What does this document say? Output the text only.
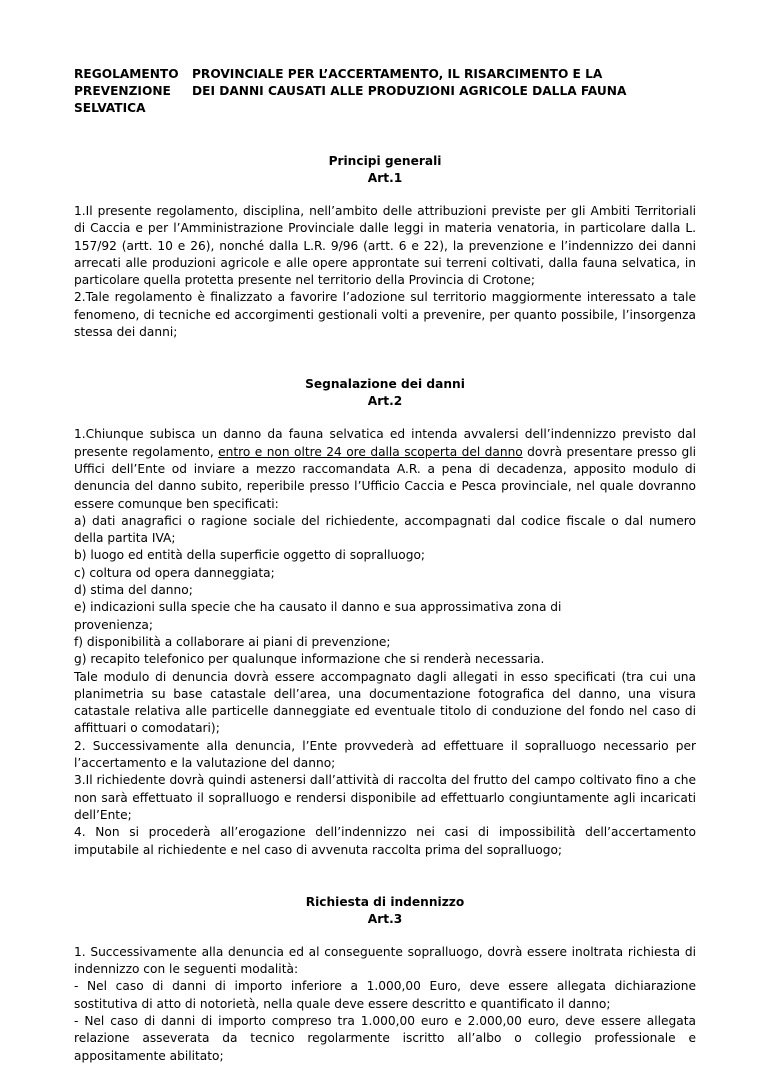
REGOLAMENTO	PROVINCIALE PER L’ACCERTAMENTO, IL RISARCIMENTO E LA
PREVENZIONE	DEI DANNI CAUSATI ALLE PRODUZIONI AGRICOLE DALLA FAUNA
SELVATICA
Principi generali
Art.1

1.Il presente regolamento, disciplina, nell’ambito delle attribuzioni previste per gli Ambiti Territoriali di Caccia e per l’Amministrazione Provinciale dalle leggi in materia venatoria, in particolare dalla L. 157/92 (artt. 10 e 26), nonché dalla L.R. 9/96 (artt. 6 e 22), la prevenzione e l’indennizzo dei danni arrecati alle produzioni agricole e alle opere approntate sui terreni coltivati, dalla fauna selvatica, in particolare quella protetta presente nel territorio della Provincia di Crotone;

2.Tale regolamento è finalizzato a favorire l’adozione sul territorio maggiormente interessato a tale fenomeno, di tecniche ed accorgimenti gestionali volti a prevenire, per quanto possibile, l’insorgenza stessa dei danni;

Segnalazione dei danni
Art.2

1.Chiunque subisca un danno da fauna selvatica ed intenda avvalersi dell’indennizzo previsto dal presente regolamento, entro e non oltre 24 ore dalla scoperta del danno dovrà presentare presso gli Uffici dell’Ente od inviare a mezzo raccomandata A.R. a pena di decadenza, apposito modulo di denuncia del danno subito, reperibile presso l’Ufficio Caccia e Pesca provinciale, nel quale dovranno essere comunque ben specificati:

a) dati anagrafici o ragione sociale del richiedente, accompagnati dal codice fiscale o dal numero della partita IVA;

b) luogo ed entità della superficie oggetto di sopralluogo;

c) coltura od opera danneggiata;

d) stima del danno;

e) indicazioni sulla specie che ha causato il danno e sua approssimativa zona di

provenienza;

f) disponibilità a collaborare ai piani di prevenzione;

g) recapito telefonico per qualunque informazione che si renderà necessaria.

Tale modulo di denuncia dovrà essere accompagnato dagli allegati in esso specificati (tra cui una planimetria su base catastale dell’area, una documentazione fotografica del danno, una visura catastale relativa alle particelle danneggiate ed eventuale titolo di conduzione del fondo nel caso di affittuari o comodatari);

2. Successivamente alla denuncia, l’Ente provvederà ad effettuare il sopralluogo necessario per l’accertamento e la valutazione del danno;

3.Il richiedente dovrà quindi astenersi dall’attività di raccolta del frutto del campo coltivato fino a che non sarà effettuato il sopralluogo e rendersi disponibile ad effettuarlo congiuntamente agli incaricati dell’Ente;

4. Non si procederà all’erogazione dell’indennizzo nei casi di impossibilità dell’accertamento imputabile al richiedente e nel caso di avvenuta raccolta prima del sopralluogo;

Richiesta di indennizzo
Art.3

1. Successivamente alla denuncia ed al conseguente sopralluogo, dovrà essere inoltrata richiesta di indennizzo con le seguenti modalità:

- Nel caso di danni di importo inferiore a 1.000,00 Euro, deve essere allegata dichiarazione sostitutiva di atto di notorietà, nella quale deve essere descritto e quantificato il danno;

- Nel caso di danni di importo compreso tra 1.000,00 euro e 2.000,00 euro, deve essere allegata relazione asseverata da tecnico regolarmente iscritto all’albo o collegio professionale e appositamente abilitato;
